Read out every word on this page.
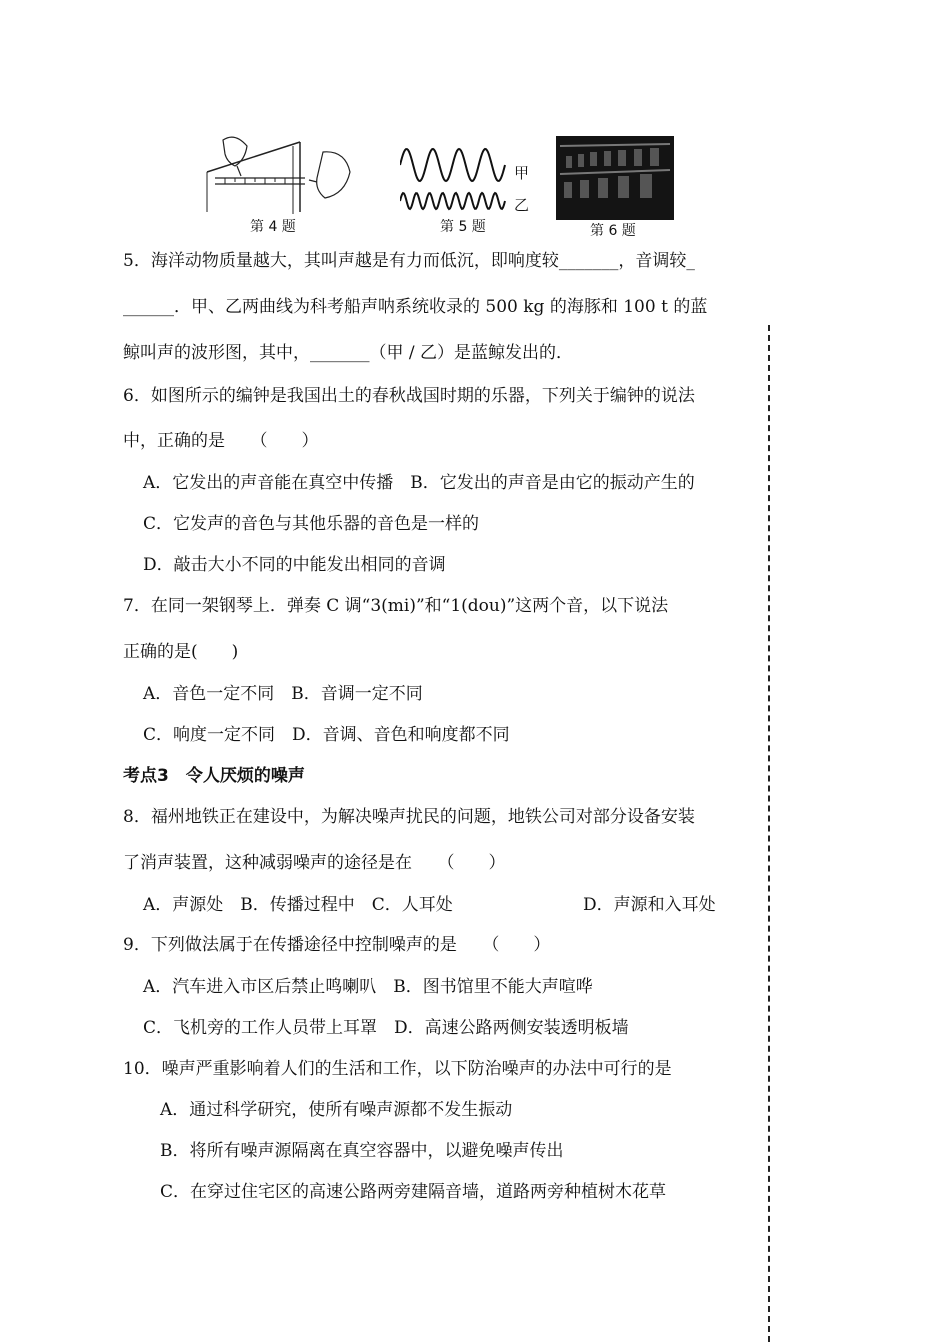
第 4 题
甲
乙
第 5 题	第 6 题
5．海洋动物质量越大，其叫声越是有力而低沉，即响度较_______，音调较_
______．甲、乙两曲线为科考船声呐系统收录的 500 kg 的海豚和 100 t 的蓝
鲸叫声的波形图，其中，_______（甲 / 乙）是蓝鲸发出的．
6．如图所示的编钟是我国出土的春秋战国时期的乐器，下列关于编钟的说法
中，正确的是　　（　　）
A．它发出的声音能在真空中传播　B．它发出的声音是由它的振动产生的
C．它发声的音色与其他乐器的音色是一样的
D．敲击大小不同的中能发出相同的音调
7．在同一架钢琴上．弹奏 C 调“3(mi)”和“1(dou)”这两个音，以下说法
正确的是(　　)
A．音色一定不同　B．音调一定不同
C．响度一定不同　D．音调、音色和响度都不同
考点3　令人厌烦的噪声
8．福州地铁正在建设中，为解决噪声扰民的问题，地铁公司对部分设备安装
了消声装置，这种减弱噪声的途径是在　　（　　）
A．声源处　B．传播过程中　C．人耳处	D．声源和入耳处
9．下列做法属于在传播途径中控制噪声的是　　（　　）
A．汽车进入市区后禁止鸣喇叭　B．图书馆里不能大声喧哗
C．飞机旁的工作人员带上耳罩　D．高速公路两侧安装透明板墙
10．噪声严重影响着人们的生活和工作，以下防治噪声的办法中可行的是
A．通过科学研究，使所有噪声源都不发生振动
B．将所有噪声源隔离在真空容器中，以避免噪声传出
C．在穿过住宅区的高速公路两旁建隔音墙，道路两旁种植树木花草
